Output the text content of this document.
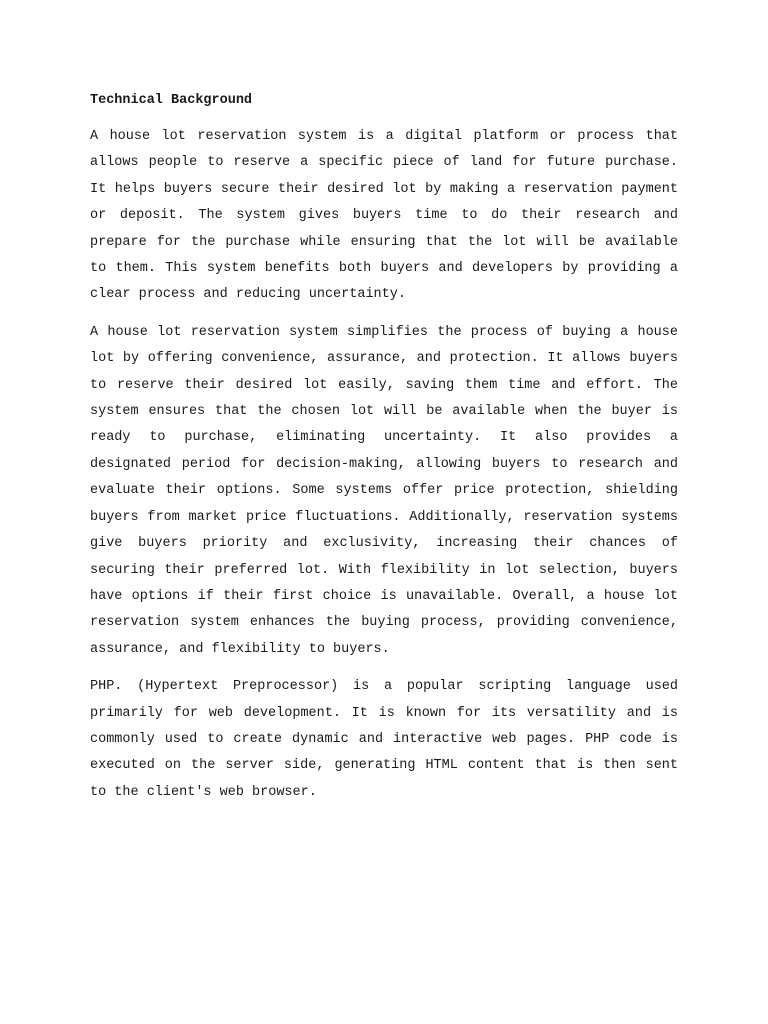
Technical Background

A house lot reservation system is a digital platform or process that allows people to reserve a specific piece of land for future purchase. It helps buyers secure their desired lot by making a reservation payment or deposit. The system gives buyers time to do their research and prepare for the purchase while ensuring that the lot will be available to them. This system benefits both buyers and developers by providing a clear process and reducing uncertainty.

A house lot reservation system simplifies the process of buying a house lot by offering convenience, assurance, and protection. It allows buyers to reserve their desired lot easily, saving them time and effort. The system ensures that the chosen lot will be available when the buyer is ready to purchase, eliminating uncertainty. It also provides a designated period for decision-making, allowing buyers to research and evaluate their options. Some systems offer price protection, shielding buyers from market price fluctuations. Additionally, reservation systems give buyers priority and exclusivity, increasing their chances of securing their preferred lot. With flexibility in lot selection, buyers have options if their first choice is unavailable. Overall, a house lot reservation system enhances the buying process, providing convenience, assurance, and flexibility to buyers.

PHP. (Hypertext Preprocessor) is a popular scripting language used primarily for web development. It is known for its versatility and is commonly used to create dynamic and interactive web pages. PHP code is executed on the server side, generating HTML content that is then sent to the client's web browser.
